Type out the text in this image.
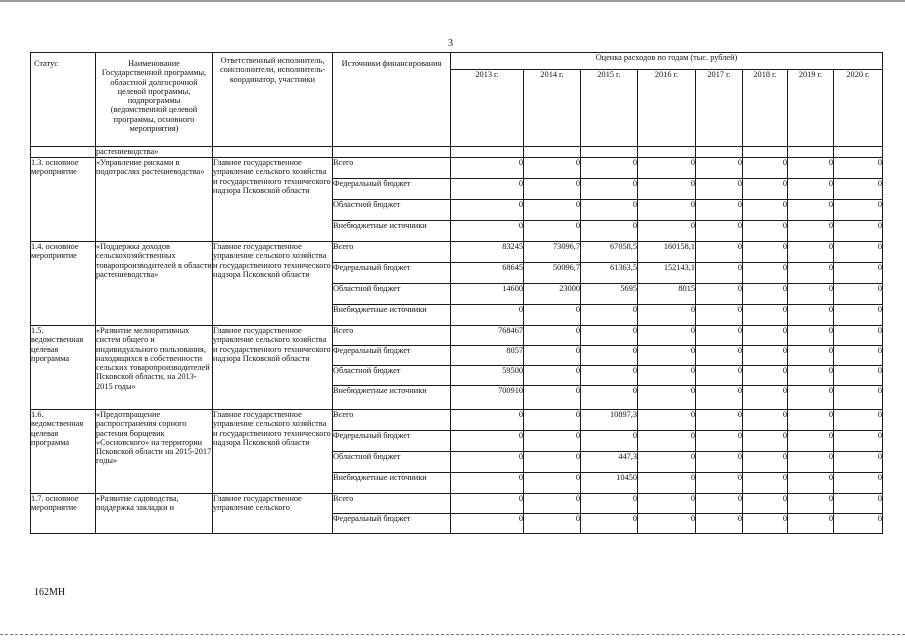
3
Статус	Наименование Государственной программы, областной долгосрочной целевой программы, подпрограммы (ведомственной целевой программы, основного мероприятия)	Ответственный исполнитель, соисполнители, исполнитель-координатор, участники	Источники финансирования	Оценка расходов по годам (тыс. рублей)							
				2013 г.	2014 г.	2015 г.	2016 г.	2017 г.	2018 г.	2019 г.	2020 г.
	растениеводства»										
1.3. основное мероприятие	«Управление рисками в подотраслях растениеводства»	Главное государственное управление сельского хозяйства и государственного технического надзора Псковской области	Всего	0	0	0	0	0	0	0	0
			Федеральный бюджет	0	0	0	0	0	0	0	0
			Областной бюджет	0	0	0	0	0	0	0	0
			Внебюджетные источники	0	0	0	0	0	0	0	0
1.4. основное мероприятие	«Поддержка доходов сельскохозяйственных товаропроизводителей в области растениеводства»	Главное государственное управление сельского хозяйства и государственного технического надзора Псковской области	Всего	83245	73096,7	67058,5	160158,1	0	0	0	0
			Федеральный бюджет	68645	50096,7	61363,5	152143,1	0	0	0	0
			Областной бюджет	14600	23000	5695	8015	0	0	0	0
			Внебюджетные источники	0	0	0	0	0	0	0	0
1.5. ведомственная целевая программа	«Развитие мелиоративных систем общего и индивидуального пользования, находящихся в собственности сельских товаропроизводителей Псковской области, на 2013-2015 годы»	Главное государственное управление сельского хозяйства и государственного технического надзора Псковской области	Всего	768467	0	0	0	0	0	0	0
			Федеральный бюджет	8057	0	0	0	0	0	0	0
			Областной бюджет	59500	0	0	0	0	0	0	0
			Внебюджетные источники	700910	0	0	0	0	0	0	0
1.6. ведомственная целевая программа	«Предотвращение распространения сорного растения борщевик «Сосновского» на территории Псковской области на 2015-2017 годы»	Главное государственное управление сельского хозяйства и государственного технического надзора Псковской области	Всего	0	0	10897,3	0	0	0	0	0
			Федеральный бюджет	0	0	0	0	0	0	0	0
			Областной бюджет	0	0	447,3	0	0	0	0	0
			Внебюджетные источники	0	0	10450	0	0	0	0	0
1.7. основное мероприятие	«Развитие садоводства, поддержка закладки и	Главное государственное управление сельского	Всего	0	0	0	0	0	0	0	0
			Федеральный бюджет	0	0	0	0	0	0	0	0
162МН
